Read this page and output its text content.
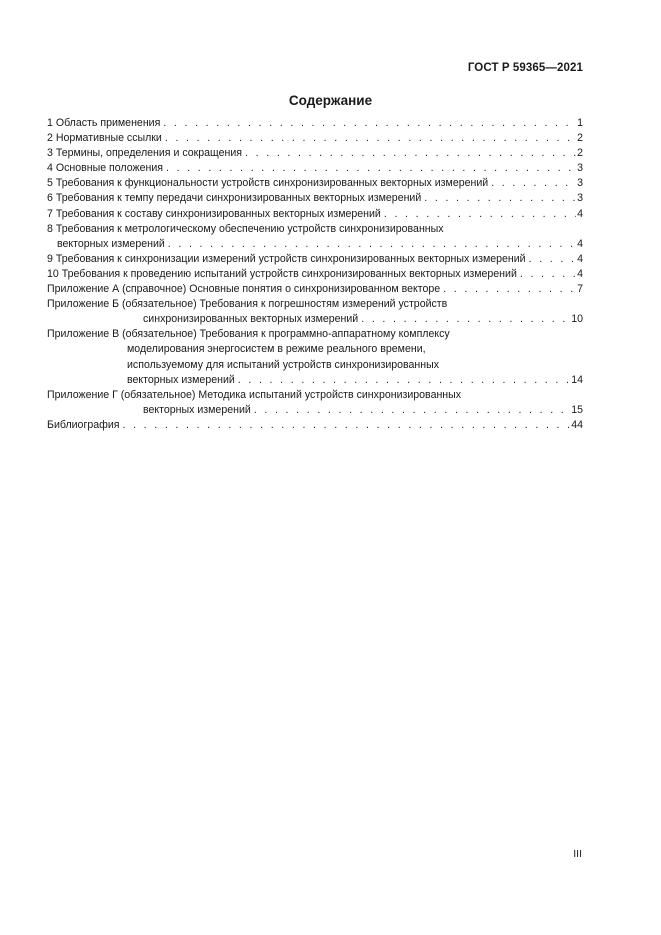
ГОСТ Р 59365—2021
Содержание
1 Область применения . . .	1
2 Нормативные ссылки . . .	2
3 Термины, определения и сокращения . . .	2
4 Основные положения . . .	3
5 Требования к функциональности устройств синхронизированных векторных измерений . . .	3
6 Требования к темпу передачи синхронизированных векторных измерений . . .	3
7 Требования к составу синхронизированных векторных измерений . . .	4
8 Требования к метрологическому обеспечению устройств синхронизированных
векторных измерений . . .	4
9 Требования к синхронизации измерений устройств синхронизированных векторных измерений . . .	4
10 Требования к проведению испытаний устройств синхронизированных векторных измерений . . .	4
Приложение А (справочное) Основные понятия о синхронизированном векторе . . .	7
Приложение Б (обязательное) Требования к погрешностям измерений устройств
синхронизированных векторных измерений . . .	10
Приложение В (обязательное) Требования к программно-аппаратному комплексу
моделирования энергосистем в режиме реального времени,
используемому для испытаний устройств синхронизированных
векторных измерений . . .	14
Приложение Г (обязательное) Методика испытаний устройств синхронизированных
векторных измерений . . .	15
Библиография . . .	44
III
